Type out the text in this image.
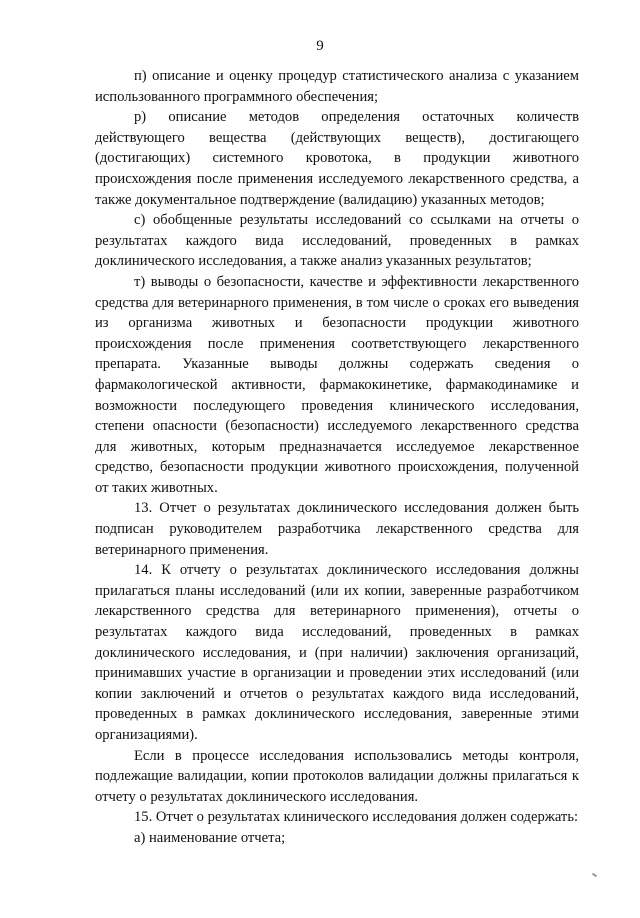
9

п) описание и оценку процедур статистического анализа с указанием использованного программного обеспечения;

р) описание методов определения остаточных количеств действующего вещества (действующих веществ), достигающего (достигающих) системного кровотока, в продукции животного происхождения после применения исследуемого лекарственного средства, а также документальное подтверждение (валидацию) указанных методов;

с) обобщенные результаты исследований со ссылками на отчеты о результатах каждого вида исследований, проведенных в рамках доклинического исследования, а также анализ указанных результатов;

т) выводы о безопасности, качестве и эффективности лекарственного средства для ветеринарного применения, в том числе о сроках его выведения из организма животных и безопасности продукции животного происхождения после применения соответствующего лекарственного препарата. Указанные выводы должны содержать сведения о фармакологической активности, фармакокинетике, фармакодинамике и возможности последующего проведения клинического исследования, степени опасности (безопасности) исследуемого лекарственного средства для животных, которым предназначается исследуемое лекарственное средство, безопасности продукции животного происхождения, полученной от таких животных.

13. Отчет о результатах доклинического исследования должен быть подписан руководителем разработчика лекарственного средства для ветеринарного применения.

14. К отчету о результатах доклинического исследования должны прилагаться планы исследований (или их копии, заверенные разработчиком лекарственного средства для ветеринарного применения), отчеты о результатах каждого вида исследований, проведенных в рамках доклинического исследования, и (при наличии) заключения организаций, принимавших участие в организации и проведении этих исследований (или копии заключений и отчетов о результатах каждого вида исследований, проведенных в рамках доклинического исследования, заверенные этими организациями).

Если в процессе исследования использовались методы контроля, подлежащие валидации, копии протоколов валидации должны прилагаться к отчету о результатах доклинического исследования.

15. Отчет о результатах клинического исследования должен содержать:

а) наименование отчета;
